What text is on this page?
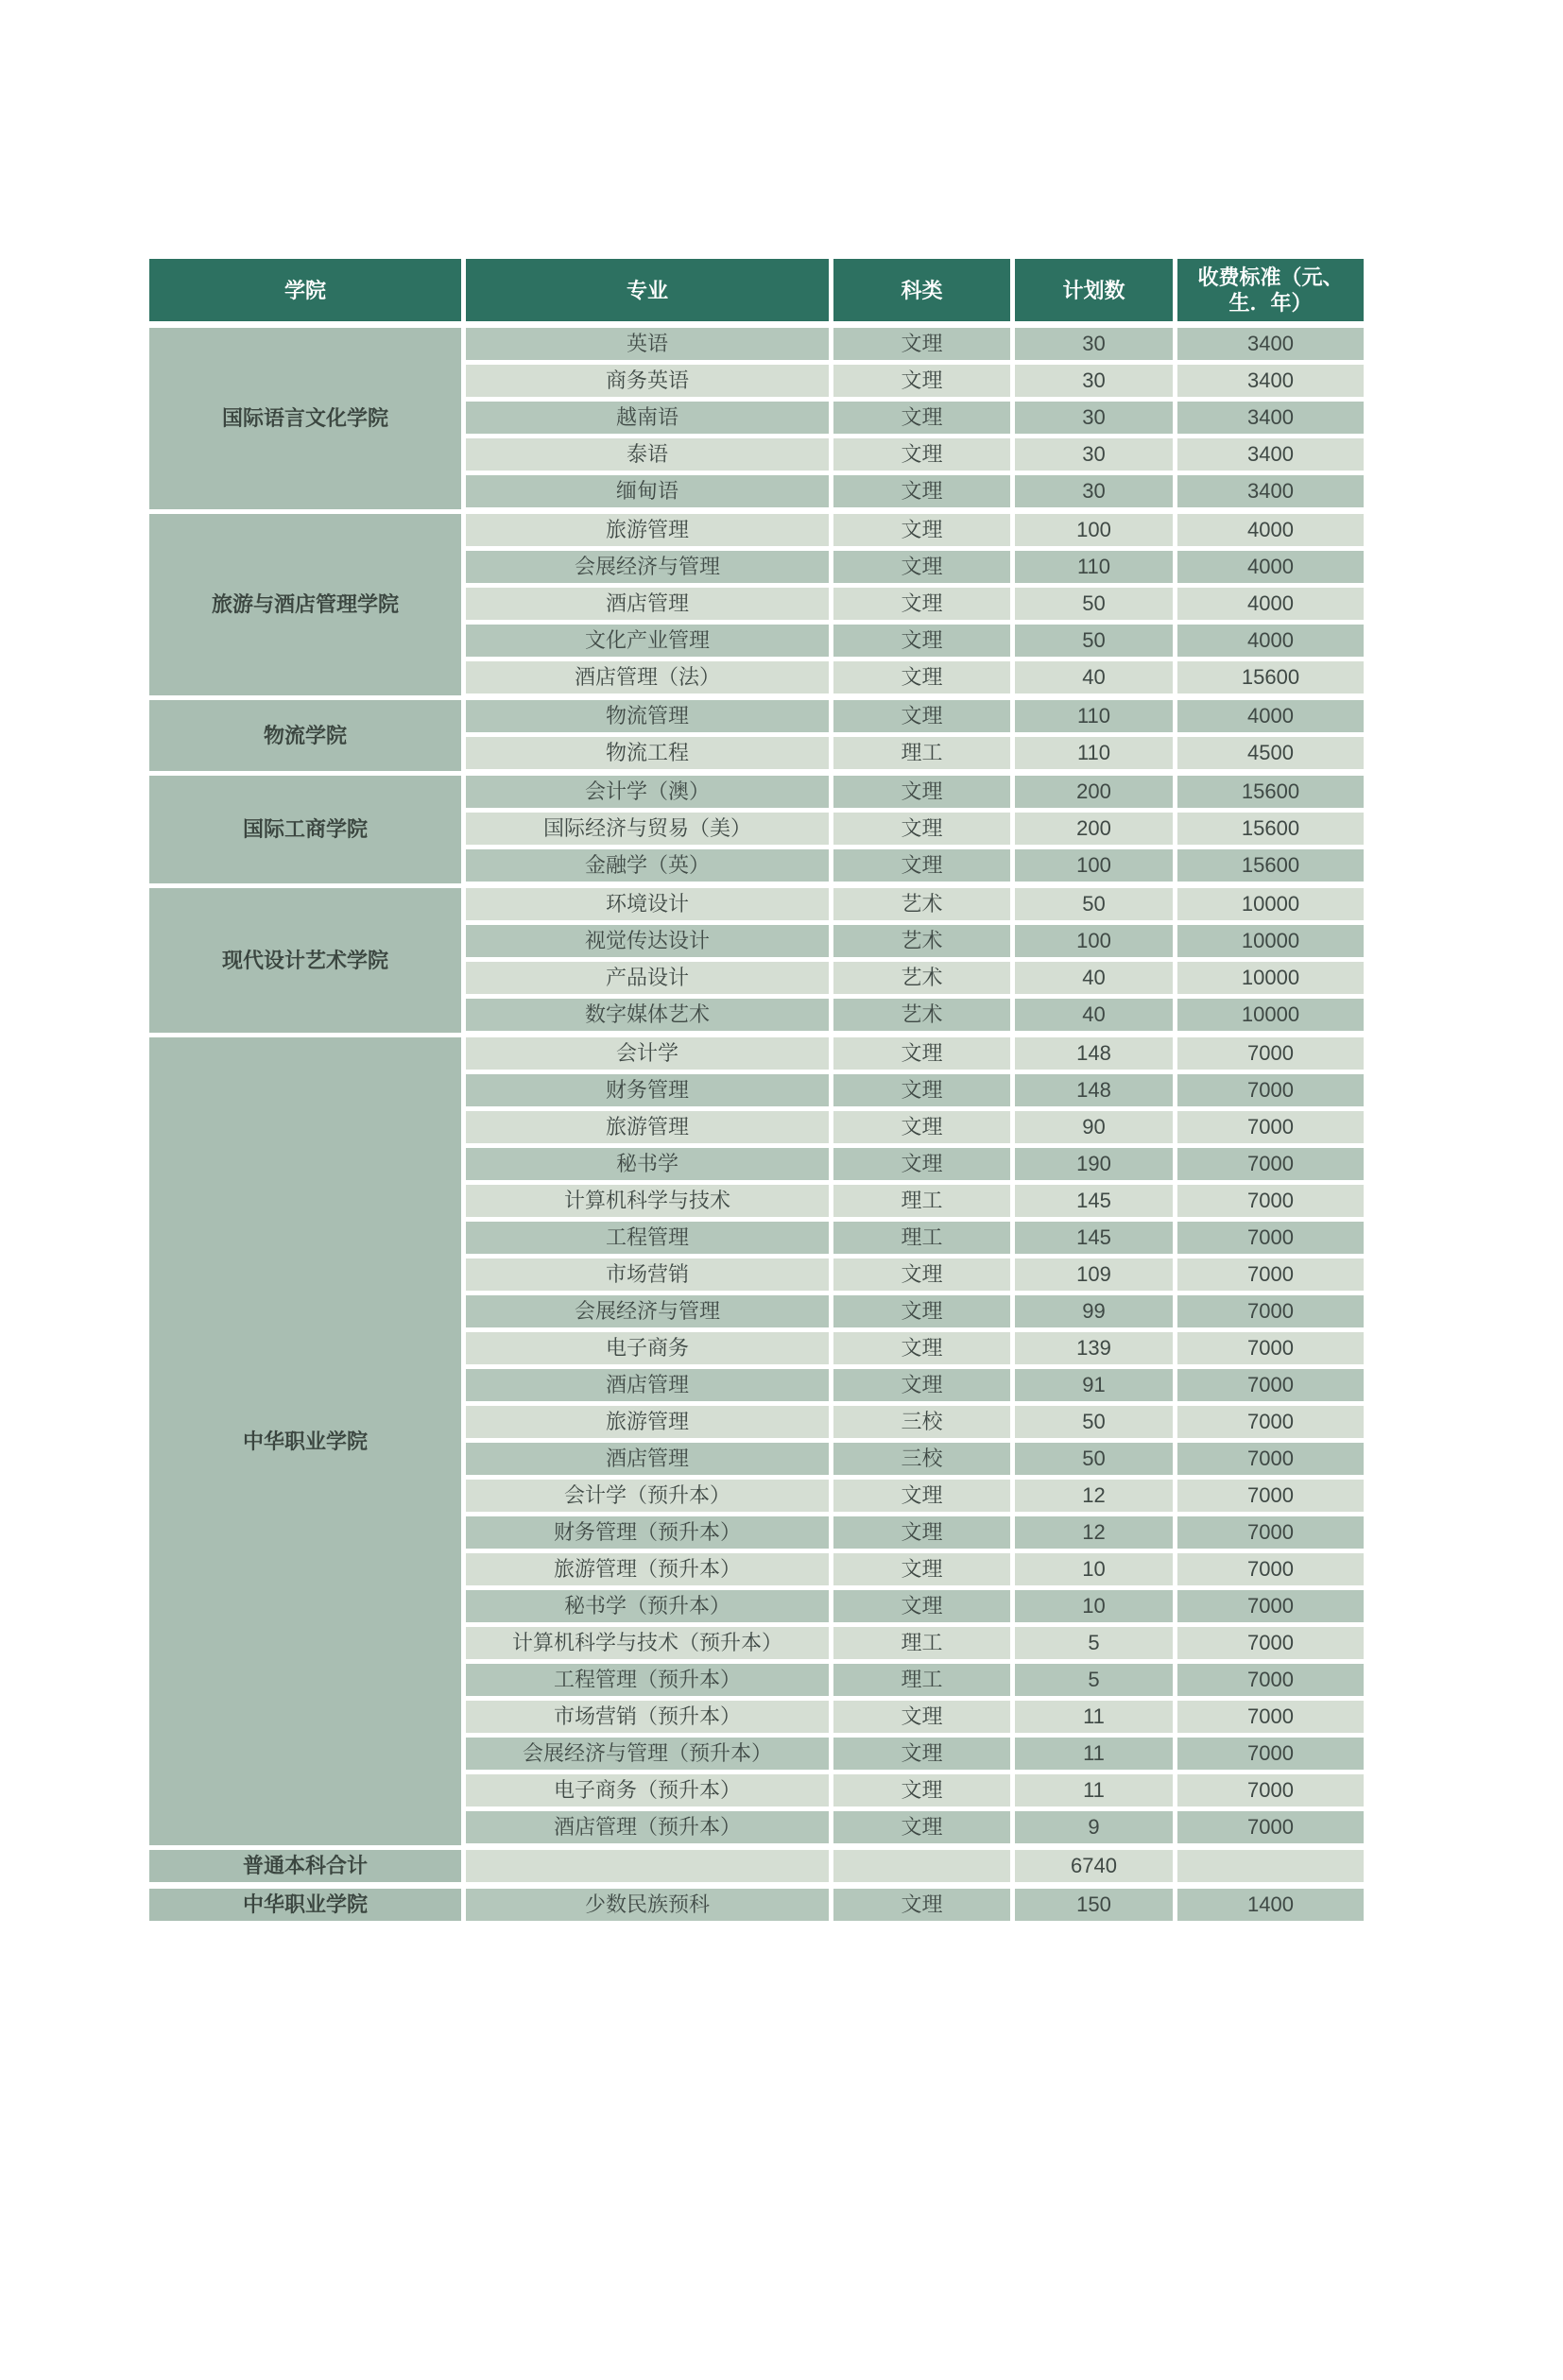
学院	专业	科类	计划数	收费标准（元、生．年）
国际语言文化学院	英语	文理	30	3400
	商务英语	文理	30	3400
	越南语	文理	30	3400
	泰语	文理	30	3400
	缅甸语	文理	30	3400
旅游与酒店管理学院	旅游管理	文理	100	4000
	会展经济与管理	文理	110	4000
	酒店管理	文理	50	4000
	文化产业管理	文理	50	4000
	酒店管理（法）	文理	40	15600
物流学院	物流管理	文理	110	4000
	物流工程	理工	110	4500
国际工商学院	会计学（澳）	文理	200	15600
	国际经济与贸易（美）	文理	200	15600
	金融学（英）	文理	100	15600
现代设计艺术学院	环境设计	艺术	50	10000
	视觉传达设计	艺术	100	10000
	产品设计	艺术	40	10000
	数字媒体艺术	艺术	40	10000
中华职业学院	会计学	文理	148	7000
	财务管理	文理	148	7000
	旅游管理	文理	90	7000
	秘书学	文理	190	7000
	计算机科学与技术	理工	145	7000
	工程管理	理工	145	7000
	市场营销	文理	109	7000
	会展经济与管理	文理	99	7000
	电子商务	文理	139	7000
	酒店管理	文理	91	7000
	旅游管理	三校	50	7000
	酒店管理	三校	50	7000
	会计学（预升本）	文理	12	7000
	财务管理（预升本）	文理	12	7000
	旅游管理（预升本）	文理	10	7000
	秘书学（预升本）	文理	10	7000
	计算机科学与技术（预升本）	理工	5	7000
	工程管理（预升本）	理工	5	7000
	市场营销（预升本）	文理	11	7000
	会展经济与管理（预升本）	文理	11	7000
	电子商务（预升本）	文理	11	7000
	酒店管理（预升本）	文理	9	7000
普通本科合计			6740	
中华职业学院	少数民族预科	文理	150	1400
